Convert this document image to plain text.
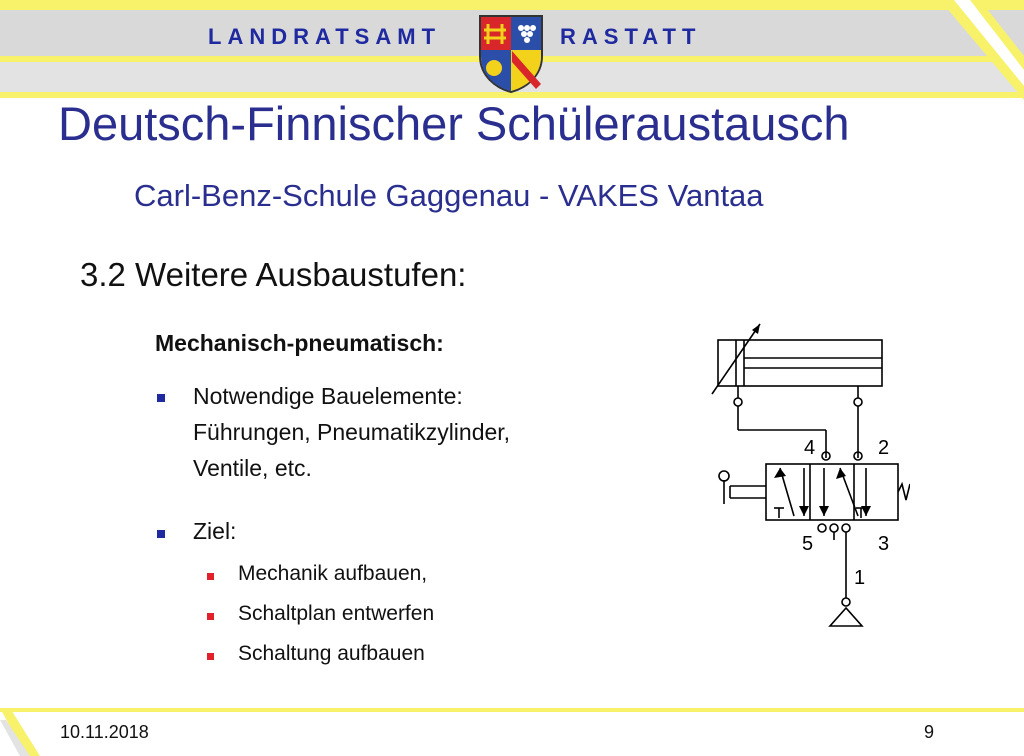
LANDRATSAMT	RASTATT
Deutsch-Finnischer Schüleraustausch
Carl-Benz-Schule Gaggenau - VAKES Vantaa
3.2 Weitere Ausbaustufen:
Mechanisch-pneumatisch:
Notwendige Bauelemente:
Führungen, Pneumatikzylinder,
Ventile, etc.
Ziel:
Mechanik aufbauen,
Schaltplan entwerfen
Schaltung aufbauen
4	2
5	3
1
10.11.2018	9
